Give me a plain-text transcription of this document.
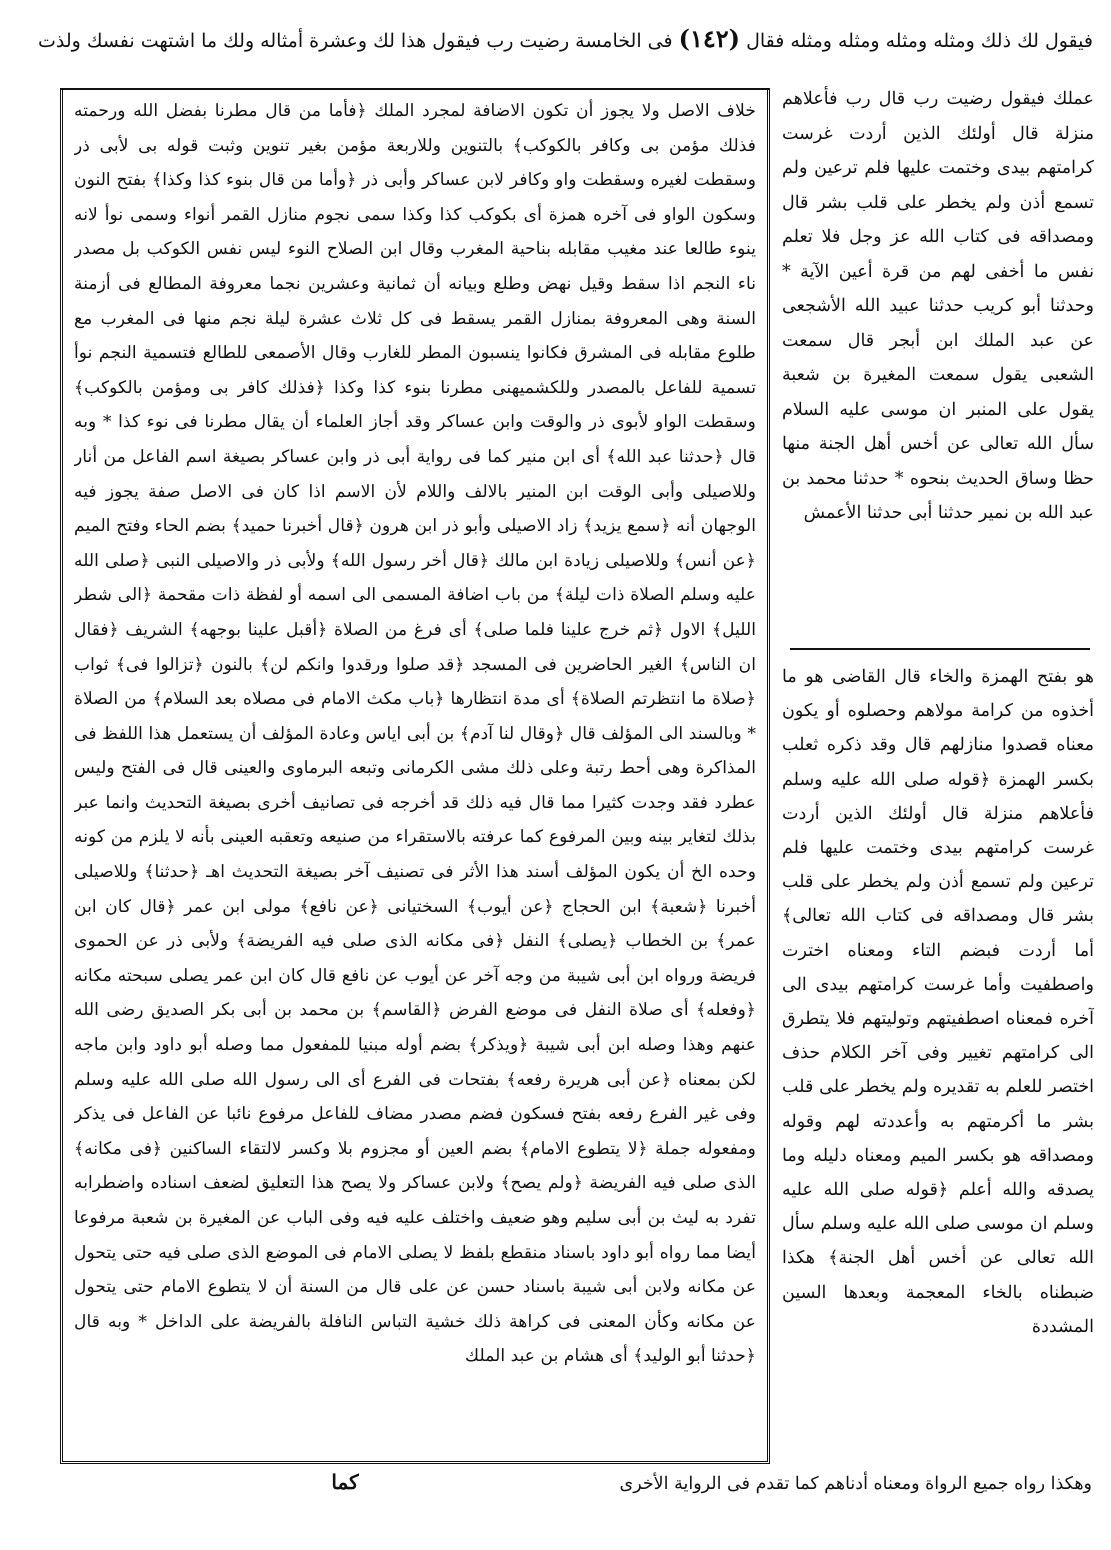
فيقول لك ذلك ومثله ومثله ومثله ومثله فقال (١٤٢) فى الخامسة رضيت رب فيقول هذا لك وعشرة أمثاله ولك ما اشتهت نفسك ولذت
خلاف الاصل ولا يجوز أن تكون الاضافة لمجرد الملك ﴿فأما من قال مطرنا بفضل الله ورحمته فذلك مؤمن بى وكافر بالكوكب﴾ بالتنوين وللاربعة مؤمن بغير تنوين وثبت قوله بى لأبى ذر وسقطت لغيره وسقطت واو وكافر لابن عساكر وأبى ذر ﴿وأما من قال بنوء كذا وكذا﴾ بفتح النون وسكون الواو فى آخره همزة أى بكوكب كذا وكذا سمى نجوم منازل القمر أنواء وسمى نوأ لانه ينوء طالعا عند مغيب مقابله بناحية المغرب وقال ابن الصلاح النوء ليس نفس الكوكب بل مصدر ناء النجم اذا سقط وقيل نهض وطلع وبيانه أن ثمانية وعشرين نجما معروفة المطالع فى أزمنة السنة وهى المعروفة بمنازل القمر يسقط فى كل ثلاث عشرة ليلة نجم منها فى المغرب مع طلوع مقابله فى المشرق فكانوا ينسبون المطر للغارب وقال الأصمعى للطالع فتسمية النجم نوأ تسمية للفاعل بالمصدر وللكشميهنى مطرنا بنوء كذا وكذا ﴿فذلك كافر بى ومؤمن بالكوكب﴾ وسقطت الواو لأبوى ذر والوقت وابن عساكر وقد أجاز العلماء أن يقال مطرنا فى نوء كذا * وبه قال ﴿حدثنا عبد الله﴾ أى ابن منير كما فى رواية أبى ذر وابن عساكر بصيغة اسم الفاعل من أنار وللاصيلى وأبى الوقت ابن المنير بالالف واللام لأن الاسم اذا كان فى الاصل صفة يجوز فيه الوجهان أنه ﴿سمع يزيد﴾ زاد الاصيلى وأبو ذر ابن هرون ﴿قال أخبرنا حميد﴾ بضم الحاء وفتح الميم ﴿عن أنس﴾ وللاصيلى زيادة ابن مالك ﴿قال أخر رسول الله﴾ ولأبى ذر والاصيلى النبى ﴿صلى الله عليه وسلم الصلاة ذات ليلة﴾ من باب اضافة المسمى الى اسمه أو لفظة ذات مقحمة ﴿الى شطر الليل﴾ الاول ﴿ثم خرج علينا فلما صلى﴾ أى فرغ من الصلاة ﴿أقبل علينا بوجهه﴾ الشريف ﴿فقال ان الناس﴾ الغير الحاضرين فى المسجد ﴿قد صلوا ورقدوا وانكم لن﴾ بالنون ﴿تزالوا فى﴾ ثواب ﴿صلاة ما انتظرتم الصلاة﴾ أى مدة انتظارها ﴿باب مكث الامام فى مصلاه بعد السلام﴾ من الصلاة * وبالسند الى المؤلف قال ﴿وقال لنا آدم﴾ بن أبى اياس وعادة المؤلف أن يستعمل هذا اللفظ فى المذاكرة وهى أحط رتبة وعلى ذلك مشى الكرمانى وتبعه البرماوى والعينى قال فى الفتح وليس عطرد فقد وجدت كثيرا مما قال فيه ذلك قد أخرجه فى تصانيف أخرى بصيغة التحديث وانما عبر بذلك لتغاير بينه وبين المرفوع كما عرفته بالاستقراء من صنيعه وتعقبه العينى بأنه لا يلزم من كونه وحده الخ أن يكون المؤلف أسند هذا الأثر فى تصنيف آخر بصيغة التحديث اهـ ﴿حدثنا﴾ وللاصيلى أخبرنا ﴿شعبة﴾ ابن الحجاج ﴿عن أيوب﴾ السختيانى ﴿عن نافع﴾ مولى ابن عمر ﴿قال كان ابن عمر﴾ بن الخطاب ﴿يصلى﴾ النفل ﴿فى مكانه الذى صلى فيه الفريضة﴾ ولأبى ذر عن الحموى فريضة ورواه ابن أبى شيبة من وجه آخر عن أيوب عن نافع قال كان ابن عمر يصلى سبحته مكانه ﴿وفعله﴾ أى صلاة النفل فى موضع الفرض ﴿القاسم﴾ بن محمد بن أبى بكر الصديق رضى الله عنهم وهذا وصله ابن أبى شيبة ﴿ويذكر﴾ بضم أوله مبنيا للمفعول مما وصله أبو داود وابن ماجه لكن بمعناه ﴿عن أبى هريرة رفعه﴾ بفتحات فى الفرع أى الى رسول الله صلى الله عليه وسلم وفى غير الفرع رفعه بفتح فسكون فضم مصدر مضاف للفاعل مرفوع نائبا عن الفاعل فى يذكر ومفعوله جملة ﴿لا يتطوع الامام﴾ بضم العين أو مجزوم بلا وكسر لالتقاء الساكنين ﴿فى مكانه﴾ الذى صلى فيه الفريضة ﴿ولم يصح﴾ ولابن عساكر ولا يصح هذا التعليق لضعف اسناده واضطرابه تفرد به ليث بن أبى سليم وهو ضعيف واختلف عليه فيه وفى الباب عن المغيرة بن شعبة مرفوعا أيضا مما رواه أبو داود باسناد منقطع بلفظ لا يصلى الامام فى الموضع الذى صلى فيه حتى يتحول عن مكانه ولابن أبى شيبة باسناد حسن عن على قال من السنة أن لا يتطوع الامام حتى يتحول عن مكانه وكأن المعنى فى كراهة ذلك خشية التباس النافلة بالفريضة على الداخل * وبه قال ﴿حدثنا أبو الوليد﴾ أى هشام بن عبد الملك
عملك فيقول رضيت رب قال رب فأعلاهم منزلة قال أولئك الذين أردت غرست كرامتهم بيدى وختمت عليها فلم ترعين ولم تسمع أذن ولم يخطر على قلب بشر قال ومصداقه فى كتاب الله عز وجل فلا تعلم نفس ما أخفى لهم من قرة أعين الآية * وحدثنا أبو كريب حدثنا عبيد الله الأشجعى عن عبد الملك ابن أبجر قال سمعت الشعبى يقول سمعت المغيرة بن شعبة يقول على المنبر ان موسى عليه السلام سأل الله تعالى عن أخس أهل الجنة منها حظا وساق الحديث بنحوه * حدثنا محمد بن عبد الله بن نمير حدثنا أبى حدثنا الأعمش
هو بفتح الهمزة والخاء قال القاضى هو ما أخذوه من كرامة مولاهم وحصلوه أو يكون معناه قصدوا منازلهم قال وقد ذكره ثعلب بكسر الهمزة ﴿قوله صلى الله عليه وسلم فأعلاهم منزلة قال أولئك الذين أردت غرست كرامتهم بيدى وختمت عليها فلم ترعين ولم تسمع أذن ولم يخطر على قلب بشر قال ومصداقه فى كتاب الله تعالى﴾ أما أردت فبضم التاء ومعناه اخترت واصطفيت وأما غرست كرامتهم بيدى الى آخره فمعناه اصطفيتهم وتوليتهم فلا يتطرق الى كرامتهم تغيير وفى آخر الكلام حذف اختصر للعلم به تقديره ولم يخطر على قلب بشر ما أكرمتهم به وأعددته لهم وقوله ومصداقه هو بكسر الميم ومعناه دليله وما يصدقه والله أعلم ﴿قوله صلى الله عليه وسلم ان موسى صلى الله عليه وسلم سأل الله تعالى عن أخس أهل الجنة﴾ هكذا ضبطناه بالخاء المعجمة وبعدها السين المشددة
وهكذا رواه جميع الرواة ومعناه أدناهم كما تقدم فى الرواية الأخرى
كما
